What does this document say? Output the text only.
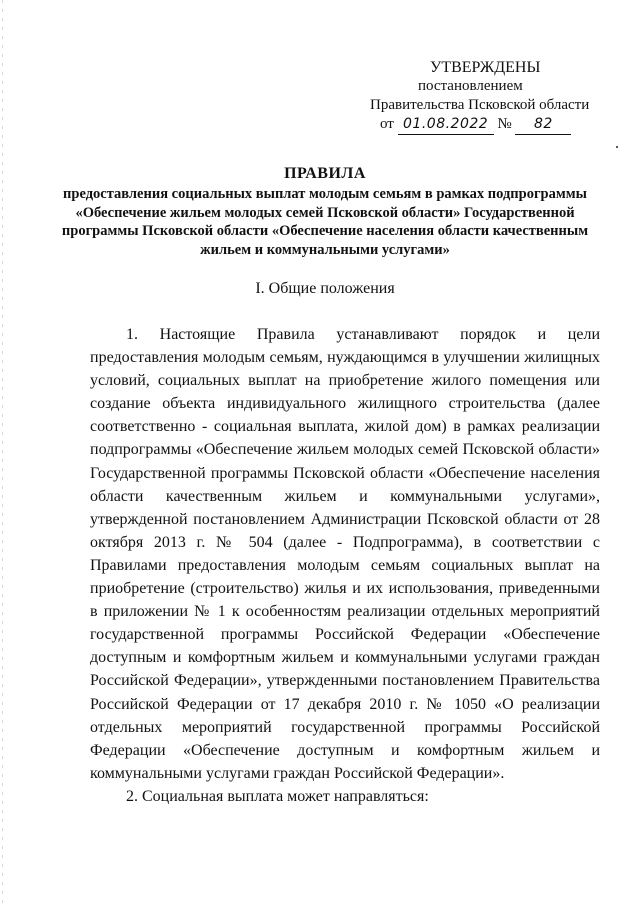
УТВЕРЖДЕНЫ
постановлением
Правительства Псковской области
от 01.08.2022 № 82
ПРАВИЛА
предоставления социальных выплат молодым семьям в рамках подпрограммы «Обеспечение жильем молодых семей Псковской области» Государственной программы Псковской области «Обеспечение населения области качественным жильем и коммунальными услугами»
I. Общие положения

1. Настоящие Правила устанавливают порядок и цели предоставления молодым семьям, нуждающимся в улучшении жилищных условий, социальных выплат на приобретение жилого помещения или создание объекта индивидуального жилищного строительства (далее соответственно - социальная выплата, жилой дом) в рамках реализации подпрограммы «Обеспечение жильем молодых семей Псковской области» Государственной программы Псковской области «Обеспечение населения области качественным жильем и коммунальными услугами», утвержденной постановлением Администрации Псковской области от 28 октября 2013 г. № 504 (далее - Подпрограмма), в соответствии с Правилами предоставления молодым семьям социальных выплат на приобретение (строительство) жилья и их использования, приведенными в приложении № 1 к особенностям реализации отдельных мероприятий государственной программы Российской Федерации «Обеспечение доступным и комфортным жильем и коммунальными услугами граждан Российской Федерации», утвержденными постановлением Правительства Российской Федерации от 17 декабря 2010 г. № 1050 «О реализации отдельных мероприятий государственной программы Российской Федерации «Обеспечение доступным и комфортным жильем и коммунальными услугами граждан Российской Федерации».

2. Социальная выплата может направляться:
